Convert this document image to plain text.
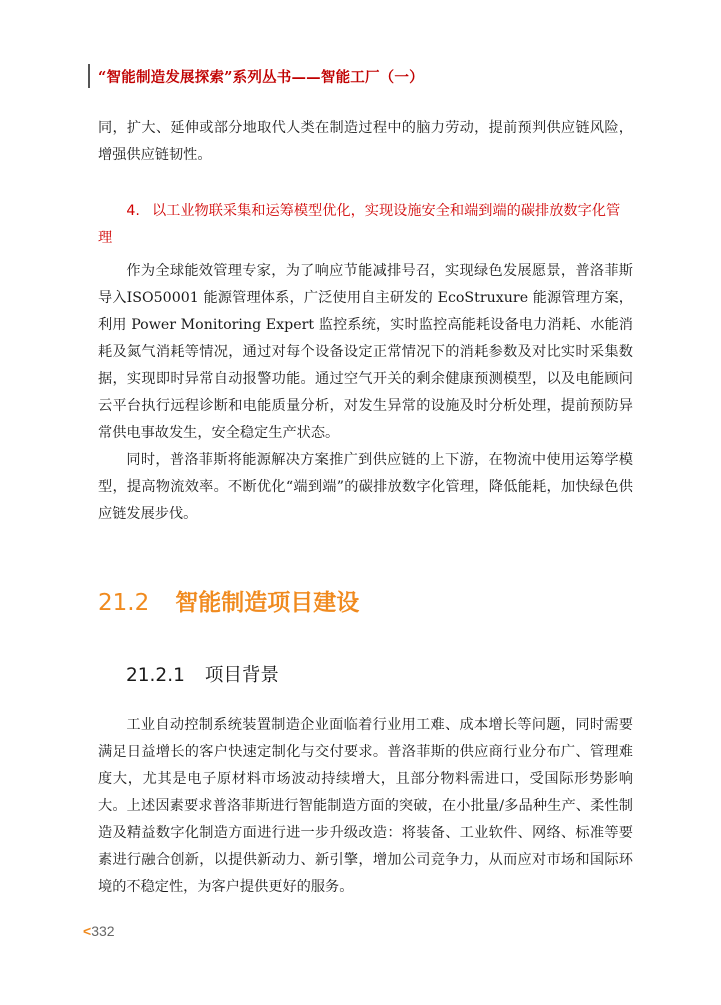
“智能制造发展探索”系列丛书——智能工厂（一）

同，扩大、延伸或部分地取代人类在制造过程中的脑力劳动，提前预判供应链风险，增强供应链韧性。

4. 以工业物联采集和运筹模型优化，实现设施安全和端到端的碳排放数字化管理

作为全球能效管理专家，为了响应节能减排号召，实现绿色发展愿景，普洛菲斯导入ISO50001 能源管理体系，广泛使用自主研发的 EcoStruxure 能源管理方案，利用 Power Monitoring Expert 监控系统，实时监控高能耗设备电力消耗、水能消耗及氮气消耗等情况，通过对每个设备设定正常情况下的消耗参数及对比实时采集数据，实现即时异常自动报警功能。通过空气开关的剩余健康预测模型，以及电能顾问云平台执行远程诊断和电能质量分析，对发生异常的设施及时分析处理，提前预防异常供电事故发生，安全稳定生产状态。

同时，普洛菲斯将能源解决方案推广到供应链的上下游，在物流中使用运筹学模型，提高物流效率。不断优化“端到端”的碳排放数字化管理，降低能耗，加快绿色供应链发展步伐。

21.2 智能制造项目建设
21.2.1 项目背景

工业自动控制系统装置制造企业面临着行业用工难、成本增长等问题，同时需要满足日益增长的客户快速定制化与交付要求。普洛菲斯的供应商行业分布广、管理难度大，尤其是电子原材料市场波动持续增大，且部分物料需进口，受国际形势影响大。上述因素要求普洛菲斯进行智能制造方面的突破，在小批量/多品种生产、柔性制造及精益数字化制造方面进行进一步升级改造：将装备、工业软件、网络、标准等要素进行融合创新，以提供新动力、新引擎，增加公司竞争力，从而应对市场和国际环境的不稳定性，为客户提供更好的服务。

<332
